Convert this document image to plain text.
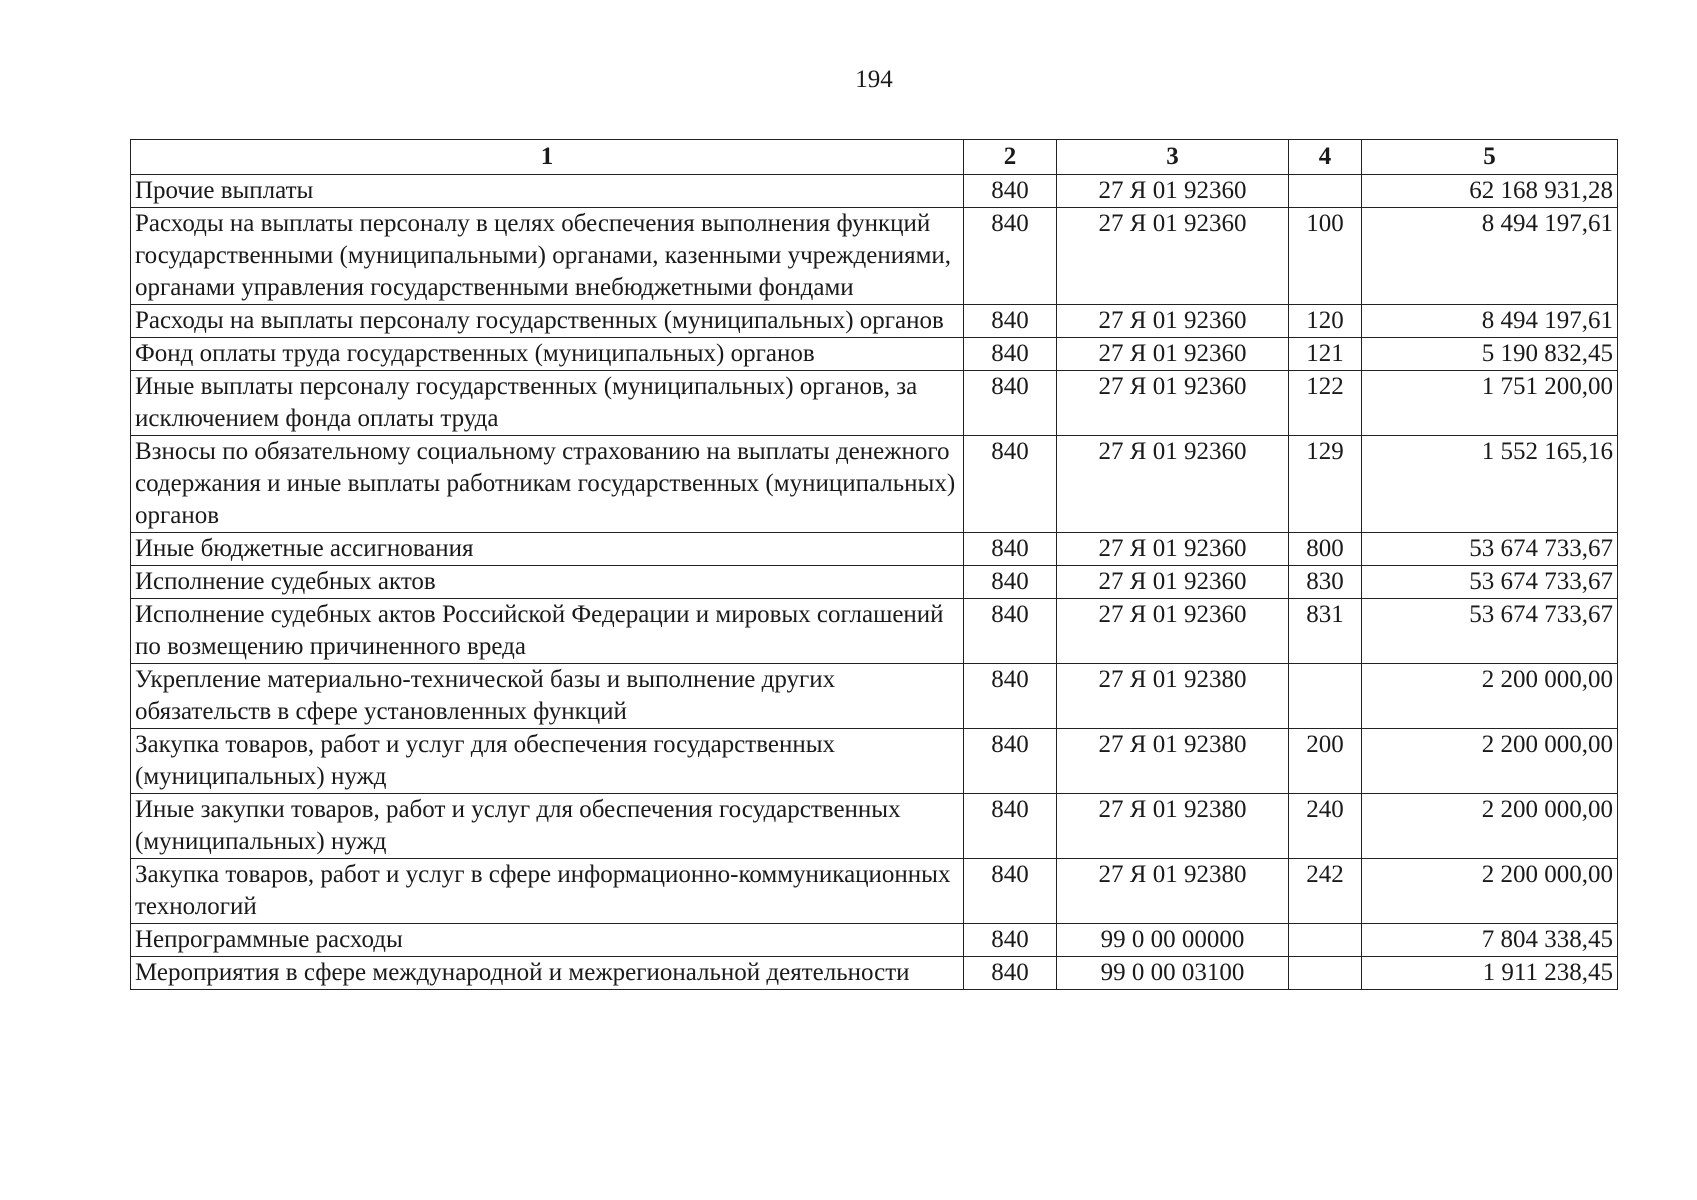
194
1	2	3	4	5
Прочие выплаты	840	27 Я 01 92360		62 168 931,28
Расходы на выплаты персоналу в целях обеспечения выполнения функций государственными (муниципальными) органами, казенными учреждениями, органами управления государственными внебюджетными фондами	840	27 Я 01 92360	100	8 494 197,61
Расходы на выплаты персоналу государственных (муниципальных) органов	840	27 Я 01 92360	120	8 494 197,61
Фонд оплаты труда государственных (муниципальных) органов	840	27 Я 01 92360	121	5 190 832,45
Иные выплаты персоналу государственных (муниципальных) органов, за исключением фонда оплаты труда	840	27 Я 01 92360	122	1 751 200,00
Взносы по обязательному социальному страхованию на выплаты денежного содержания и иные выплаты работникам государственных (муниципальных) органов	840	27 Я 01 92360	129	1 552 165,16
Иные бюджетные ассигнования	840	27 Я 01 92360	800	53 674 733,67
Исполнение судебных актов	840	27 Я 01 92360	830	53 674 733,67
Исполнение судебных актов Российской Федерации и мировых соглашений по возмещению причиненного вреда	840	27 Я 01 92360	831	53 674 733,67
Укрепление материально-технической базы и выполнение других обязательств в сфере установленных функций	840	27 Я 01 92380		2 200 000,00
Закупка товаров, работ и услуг для обеспечения государственных (муниципальных) нужд	840	27 Я 01 92380	200	2 200 000,00
Иные закупки товаров, работ и услуг для обеспечения государственных (муниципальных) нужд	840	27 Я 01 92380	240	2 200 000,00
Закупка товаров, работ и услуг в сфере информационно-коммуникационных технологий	840	27 Я 01 92380	242	2 200 000,00
Непрограммные расходы	840	99 0 00 00000		7 804 338,45
Мероприятия в сфере международной и межрегиональной деятельности	840	99 0 00 03100		1 911 238,45
